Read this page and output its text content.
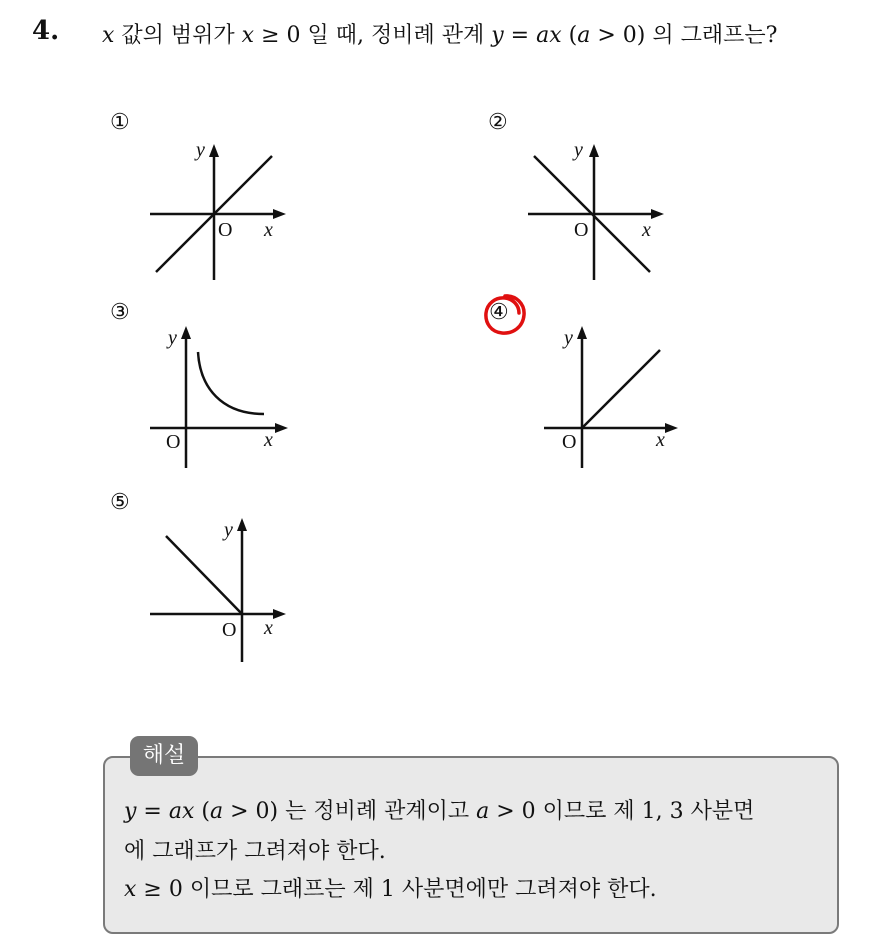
4. x 값의 범위가 x ≥ 0 일 때, 정비례 관계 y = ax (a > 0) 의 그래프는?
①
x
y
O
②
x
y
O
③
x
y
O
④
x
y
O
⑤
x
y
O
해설
y = ax (a > 0) 는 정비례 관계이고 a > 0 이므로 제 1, 3 사분면
에 그래프가 그려져야 한다.
x ≥ 0 이므로 그래프는 제 1 사분면에만 그려져야 한다.
